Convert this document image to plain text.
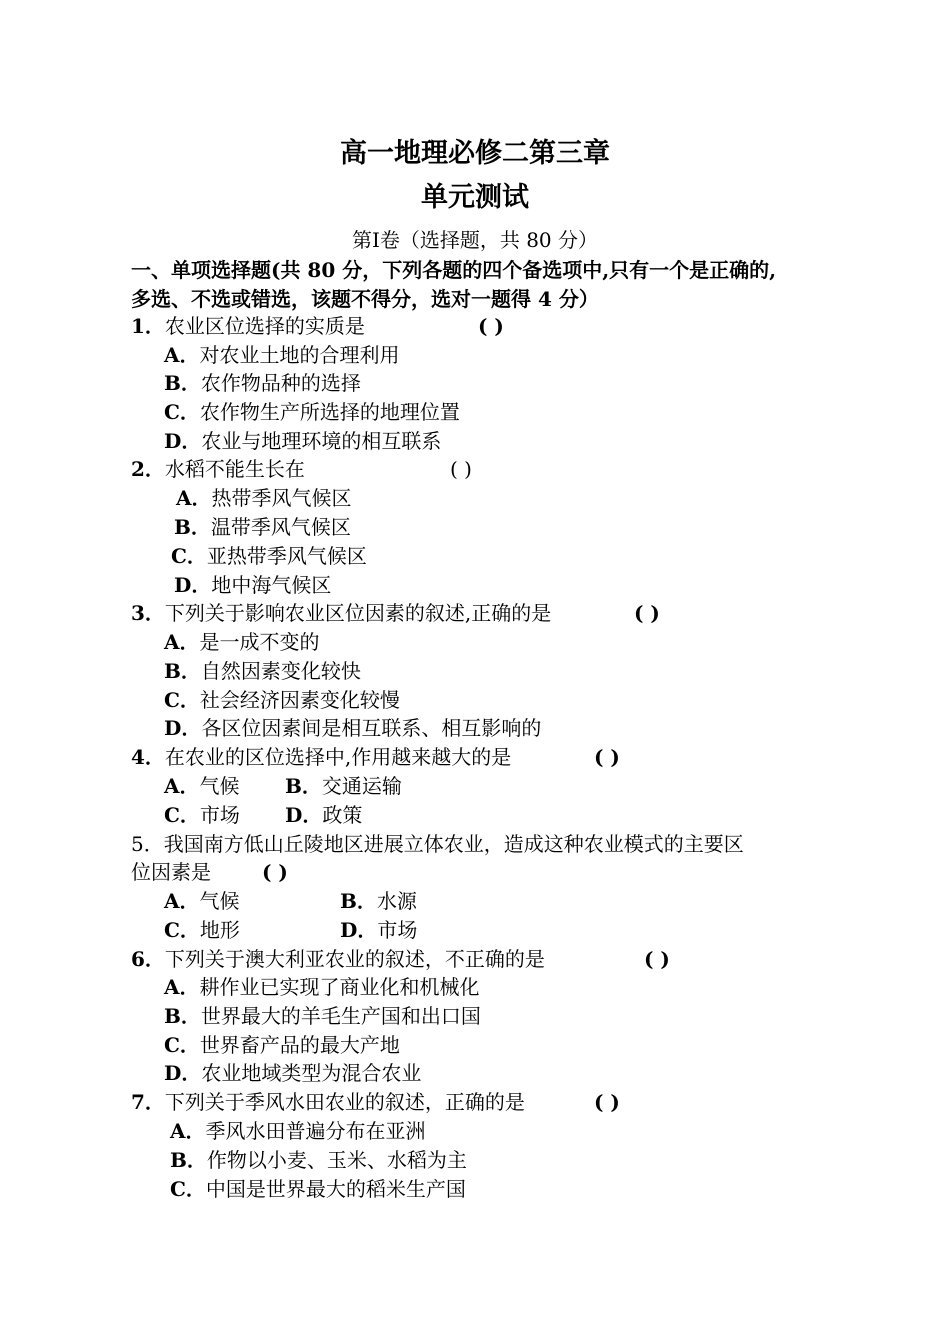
高一地理必修二第三章
单元测试
第Ⅰ卷（选择题，共 80 分）
一、单项选择题(共 80 分，下列各题的四个备选项中,只有一个是正确的,
多选、不选或错选，该题不得分，选对一题得 4 分）
1．农业区位选择的实质是	( )
A．对农业土地的合理利用
B．农作物品种的选择
C．农作物生产所选择的地理位置
D．农业与地理环境的相互联系
2．水稻不能生长在	( )
A．热带季风气候区
B．温带季风气候区
C．亚热带季风气候区
D．地中海气候区
3．下列关于影响农业区位因素的叙述,正确的是	( )
A．是一成不变的
B．自然因素变化较快
C．社会经济因素变化较慢
D．各区位因素间是相互联系、相互影响的
4．在农业的区位选择中,作用越来越大的是	( )
A．气候 B．交通运输
C．市场 D．政策
5．我国南方低山丘陵地区进展立体农业，造成这种农业模式的主要区
位因素是	( )
A．气候	B．水源
C．地形	D．市场
6．下列关于澳大利亚农业的叙述，不正确的是	( )
A．耕作业已实现了商业化和机械化
B．世界最大的羊毛生产国和出口国
C．世界畜产品的最大产地
D．农业地域类型为混合农业
7．下列关于季风水田农业的叙述，正确的是	( )
A．季风水田普遍分布在亚洲
B．作物以小麦、玉米、水稻为主
C．中国是世界最大的稻米生产国
